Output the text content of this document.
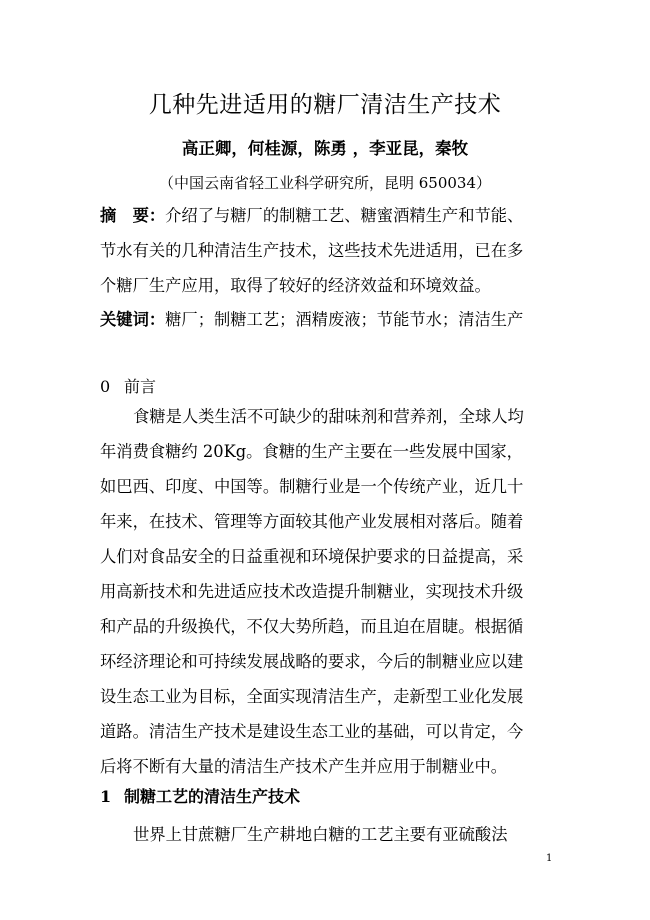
几种先进适用的糖厂清洁生产技术
高正卿，何桂源，陈勇 ，李亚昆，秦牧
（中国云南省轻工业科学研究所，昆明 650034）
摘　要：介绍了与糖厂的制糖工艺、糖蜜酒精生产和节能、
节水有关的几种清洁生产技术，这些技术先进适用，已在多
个糖厂生产应用，取得了较好的经济效益和环境效益。
关键词：糖厂；制糖工艺；酒精废液；节能节水；清洁生产
0 前言
食糖是人类生活不可缺少的甜味剂和营养剂，全球人均
年消费食糖约 20Kg。食糖的生产主要在一些发展中国家，
如巴西、印度、中国等。制糖行业是一个传统产业，近几十
年来，在技术、管理等方面较其他产业发展相对落后。随着
人们对食品安全的日益重视和环境保护要求的日益提高，采
用高新技术和先进适应技术改造提升制糖业，实现技术升级
和产品的升级换代，不仅大势所趋，而且迫在眉睫。根据循
环经济理论和可持续发展战略的要求，今后的制糖业应以建
设生态工业为目标，全面实现清洁生产，走新型工业化发展
道路。清洁生产技术是建设生态工业的基础，可以肯定，今
后将不断有大量的清洁生产技术产生并应用于制糖业中。
1 制糖工艺的清洁生产技术
世界上甘蔗糖厂生产耕地白糖的工艺主要有亚硫酸法
1
